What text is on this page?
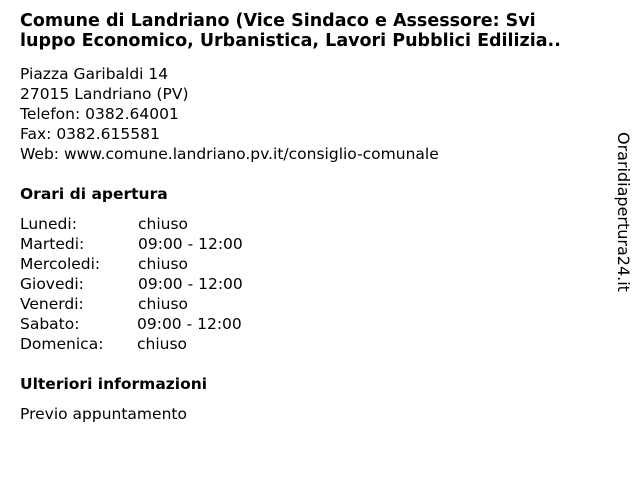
Comune di Landriano (Vice Sindaco e Assessore: Svi
luppo Economico, Urbanistica, Lavori Pubblici Edilizia..
Piazza Garibaldi 14
27015 Landriano (PV)
Telefon: 0382.64001
Fax: 0382.615581
Web: www.comune.landriano.pv.it/consiglio-comunale
Orari di apertura
Lunedi:	chiuso
Martedi:	09:00 - 12:00
Mercoledi: chiuso
Giovedi:	09:00 - 12:00
Venerdi:	chiuso
Sabato:	09:00 - 12:00
Domenica: chiuso
Ulteriori informazioni
Previo appuntamento
Oraridiapertura24.it
